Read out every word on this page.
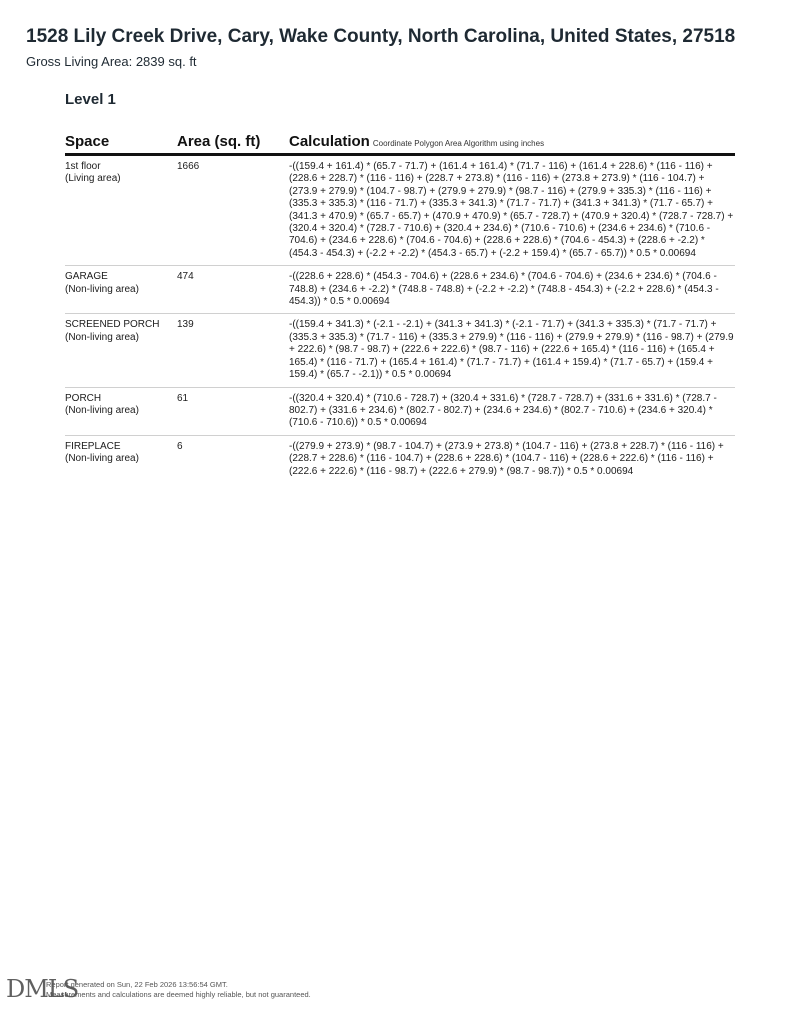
1528 Lily Creek Drive, Cary, Wake County, North Carolina, United States, 27518
Gross Living Area: 2839 sq. ft
Level 1
Space	Area (sq. ft)	Calculation Coordinate Polygon Area Algorithm using inches
1st floor
(Living area)
1666	-((159.4 + 161.4) * (65.7 - 71.7) + (161.4 + 161.4) * (71.7 - 116) + (161.4 + 228.6) * (116 - 116) + (228.6 + 228.7) * (116 - 116) + (228.7 + 273.8) * (116 - 116) + (273.8 + 273.9) * (116 - 104.7) + (273.9 + 279.9) * (104.7 - 98.7) + (279.9 + 279.9) * (98.7 - 116) + (279.9 + 335.3) * (116 - 116) + (335.3 + 335.3) * (116 - 71.7) + (335.3 + 341.3) * (71.7 - 71.7) + (341.3 + 341.3) * (71.7 - 65.7) + (341.3 + 470.9) * (65.7 - 65.7) + (470.9 + 470.9) * (65.7 - 728.7) + (470.9 + 320.4) * (728.7 - 728.7) + (320.4 + 320.4) * (728.7 - 710.6) + (320.4 + 234.6) * (710.6 - 710.6) + (234.6 + 234.6) * (710.6 - 704.6) + (234.6 + 228.6) * (704.6 - 704.6) + (228.6 + 228.6) * (704.6 - 454.3) + (228.6 + -2.2) * (454.3 - 454.3) + (-2.2 + -2.2) * (454.3 - 65.7) + (-2.2 + 159.4) * (65.7 - 65.7)) * 0.5 * 0.00694
GARAGE
(Non-living area)
474	-((228.6 + 228.6) * (454.3 - 704.6) + (228.6 + 234.6) * (704.6 - 704.6) + (234.6 + 234.6) * (704.6 - 748.8) + (234.6 + -2.2) * (748.8 - 748.8) + (-2.2 + -2.2) * (748.8 - 454.3) + (-2.2 + 228.6) * (454.3 - 454.3)) * 0.5 * 0.00694
SCREENED PORCH
(Non-living area)
139	-((159.4 + 341.3) * (-2.1 - -2.1) + (341.3 + 341.3) * (-2.1 - 71.7) + (341.3 + 335.3) * (71.7 - 71.7) + (335.3 + 335.3) * (71.7 - 116) + (335.3 + 279.9) * (116 - 116) + (279.9 + 279.9) * (116 - 98.7) + (279.9 + 222.6) * (98.7 - 98.7) + (222.6 + 222.6) * (98.7 - 116) + (222.6 + 165.4) * (116 - 116) + (165.4 + 165.4) * (116 - 71.7) + (165.4 + 161.4) * (71.7 - 71.7) + (161.4 + 159.4) * (71.7 - 65.7) + (159.4 + 159.4) * (65.7 - -2.1)) * 0.5 * 0.00694
PORCH
(Non-living area)
61	-((320.4 + 320.4) * (710.6 - 728.7) + (320.4 + 331.6) * (728.7 - 728.7) + (331.6 + 331.6) * (728.7 - 802.7) + (331.6 + 234.6) * (802.7 - 802.7) + (234.6 + 234.6) * (802.7 - 710.6) + (234.6 + 320.4) * (710.6 - 710.6)) * 0.5 * 0.00694
FIREPLACE
(Non-living area)
6	-((279.9 + 273.9) * (98.7 - 104.7) + (273.9 + 273.8) * (104.7 - 116) + (273.8 + 228.7) * (116 - 116) + (228.7 + 228.6) * (116 - 104.7) + (228.6 + 228.6) * (104.7 - 116) + (228.6 + 222.6) * (116 - 116) + (222.6 + 222.6) * (116 - 98.7) + (222.6 + 279.9) * (98.7 - 98.7)) * 0.5 * 0.00694
DMLS
Report generated on Sun, 22 Feb 2026 13:56:54 GMT.
Measurements and calculations are deemed highly reliable, but not guaranteed.
